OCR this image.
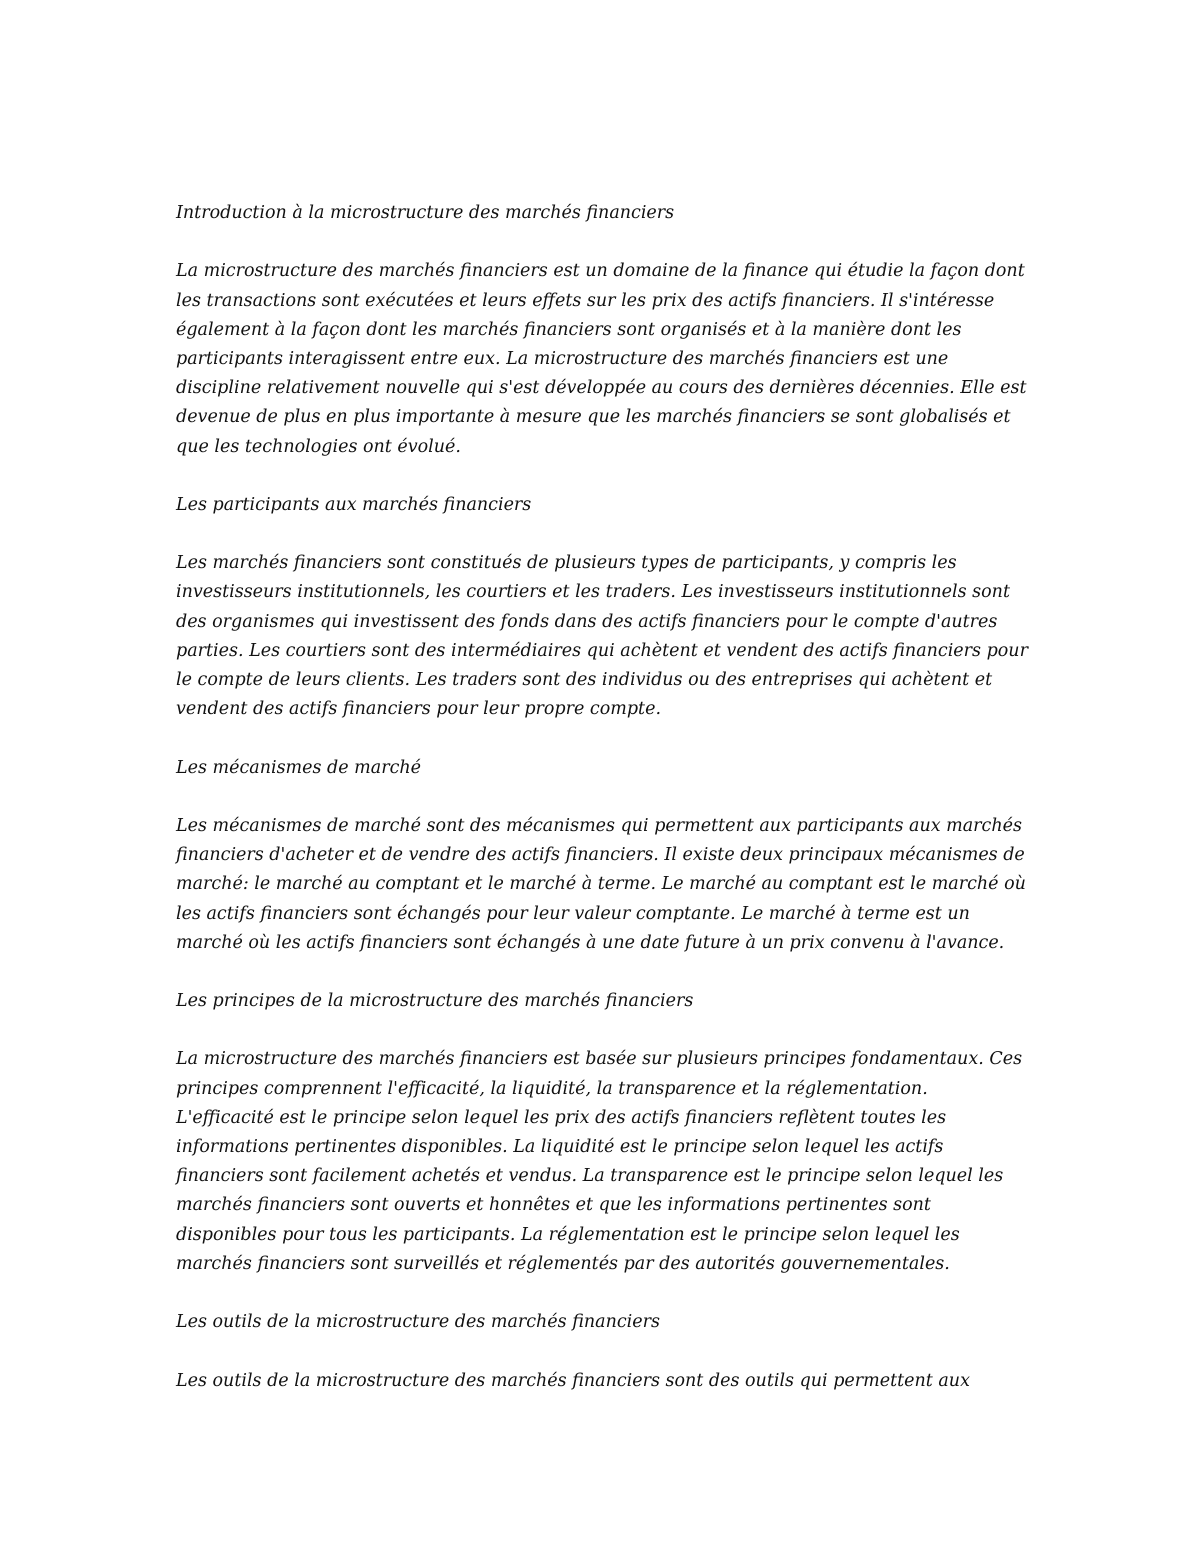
Introduction à la microstructure des marchés financiers
La microstructure des marchés financiers est un domaine de la finance qui étudie la façon dont
les transactions sont exécutées et leurs effets sur les prix des actifs financiers. Il s'intéresse
également à la façon dont les marchés financiers sont organisés et à la manière dont les
participants interagissent entre eux. La microstructure des marchés financiers est une
discipline relativement nouvelle qui s'est développée au cours des dernières décennies. Elle est
devenue de plus en plus importante à mesure que les marchés financiers se sont globalisés et
que les technologies ont évolué.
Les participants aux marchés financiers
Les marchés financiers sont constitués de plusieurs types de participants, y compris les
investisseurs institutionnels, les courtiers et les traders. Les investisseurs institutionnels sont
des organismes qui investissent des fonds dans des actifs financiers pour le compte d'autres
parties. Les courtiers sont des intermédiaires qui achètent et vendent des actifs financiers pour
le compte de leurs clients. Les traders sont des individus ou des entreprises qui achètent et
vendent des actifs financiers pour leur propre compte.
Les mécanismes de marché
Les mécanismes de marché sont des mécanismes qui permettent aux participants aux marchés
financiers d'acheter et de vendre des actifs financiers. Il existe deux principaux mécanismes de
marché: le marché au comptant et le marché à terme. Le marché au comptant est le marché où
les actifs financiers sont échangés pour leur valeur comptante. Le marché à terme est un
marché où les actifs financiers sont échangés à une date future à un prix convenu à l'avance.
Les principes de la microstructure des marchés financiers
La microstructure des marchés financiers est basée sur plusieurs principes fondamentaux. Ces
principes comprennent l'efficacité, la liquidité, la transparence et la réglementation.
L'efficacité est le principe selon lequel les prix des actifs financiers reflètent toutes les
informations pertinentes disponibles. La liquidité est le principe selon lequel les actifs
financiers sont facilement achetés et vendus. La transparence est le principe selon lequel les
marchés financiers sont ouverts et honnêtes et que les informations pertinentes sont
disponibles pour tous les participants. La réglementation est le principe selon lequel les
marchés financiers sont surveillés et réglementés par des autorités gouvernementales.
Les outils de la microstructure des marchés financiers
Les outils de la microstructure des marchés financiers sont des outils qui permettent aux
